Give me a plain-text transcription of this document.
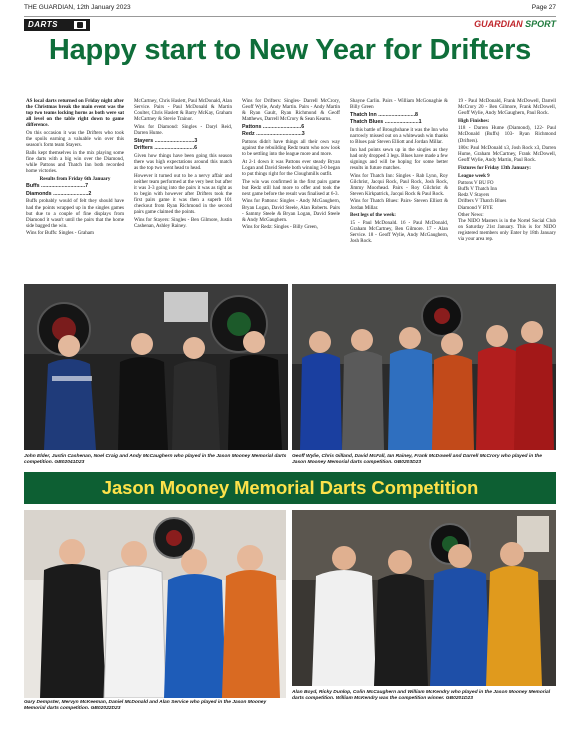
THE GUARDIAN, 12th January 2023	Page 27
DARTS	GUARDIAN SPORT
Happy start to New Year for Drifters

AS local darts returned on Friday night after the Christmas break the main event was the top two teams locking horns as both were sat all level on the table right down to game difference.

On this occasion it was the Drifters who took the spoils earning a valuable win over this season's form team Stayers.

Balls kept themselves in the mix playing some fine darts with a big win over the Diamond, while Pattons and Thatch Inn both recorded home victories.

Results from Friday 6th January

Buffs ..............................7

Diamonds ........................2

Buffs probably would of felt they should have had the points wrapped up in the singles games but due to a couple of fine displays from Diamond it wasn't until the pairs that the home side bagged the win.

Wins for Buffs: Singles - Graham

McCartney, Chris Haslett, Paul McDonald, Alan Service. Pairs - Paul McDonald & Martin Coulter, Chris Haslett & Barry McKay, Graham McCartney & Stevie Trainor.

Wins for Diamond: Singles - Daryl Reid, Darren Hume.

Stayers ...........................3

Drifters ...........................6

Given how things have been going this season there was high expectations around this match as the top two went head to head.

However it turned out to be a nervy affair and neither team performed at the very best but after it was 3-3 going into the pairs it was as tight as to begin with however after Drifters took the first pairs game it was then a superb 101 checkout from Ryan Richmond in the second pairs game claimed the points.

Wins for Stayers: Singles - Ben Gilmore, Justin Cashenan, Ashley Rainey.

Wins for Drifters: Singles- Darrell McCrory, Geoff Wylie, Andy Martin. Pairs - Andy Martin & Ryan Gault, Ryan Richmond & Geoff Matthews, Darrell McCrory & Sean Kearns.

Pattons ..........................6

Redz ...............................3

Pattons didn't have things all their own way against the rebuilding Redz team who now look to be settling into the league more and more.

At 2-1 down it was Pattons ever steady Bryan Logan and David Steele both winning 3-0 began to put things right for the Cloughmills outfit.

The win was confirmed in the first pairs game but Redz still had more to offer and took the next game before the result was finalised at 6-3.

Wins for Pattons: Singles - Andy McGaughern, Bryan Logan, David Steele, Alan Roberts. Pairs - Sammy Steele & Bryan Logan, David Steele & Andy McGaughern.

Wins for Redz: Singles - Billy Green,

Shayne Carlin. Pairs - William McGonaghie & Billy Green

Thatch Inn .........................8

Thatch Blues .......................1

In this battle of Broughshane it was the Inn who narrowly missed out on a whitewash win thanks to Blues pair Steven Elliott and Jordan Millar.

Inn had points sewn up in the singles as they had only dropped 3 legs. Blues have made a few signings and will be hoping for some better results in future matches.

Wins for Thatch Inn: Singles - Rab Lynn, Roy Gilchrist, Jacqui Rock, Paul Rock, Josh Rock, Jimmy Moorhead. Pairs - Roy Gilchrist & Steven Kirkpatrick, Jacqui Rock & Paul Rock.

Wins for Thatch Blues: Pairs- Steven Elliott & Jordan Millar.

Best legs of the week:

15 - Paul McDonald. 16 - Paul McDonald, Graham McCartney, Ben Gilmore. 17 - Alan Service. 18 - Geoff Wylie, Andy McGaughern, Josh Rock.

19 - Paul McDonald, Frank McDowell, Darrell McCrory 20 - Ben Gilmore, Frank McDowell, Geoff Wylie, Andy McGaughern, Paul Rock.

High Finishes:

118 - Darren Hume (Diamond), 122- Paul McDonald (Buffs) 103- Ryan Richmond (Drifters).

180s: Paul McDonald x3, Josh Rock x3, Darren Hume, Graham McCartney, Frank McDowell, Geoff Wylie, Andy Martin, Paul Rock.

Fixtures for Friday 13th January:

League week 9

Pattons V BU FO

Buffs V Thatch Inn

Redz V Stayers

Drifters V Thatch Blues

Diamond V BYE

Other News:

The NIDO Masters is in the Nortel Social Club on Saturday 21st January. This is for NIDO registered members only Enter by 18th January via your area rep.

John Elder, Justin Cashenan, Noel Craig and Andy McCaughern who played in the Jason Mooney Memorial darts competition. GB02041D23
Geoff Wylie, Chris Gilland, David McFall, Ian Rainey, Frank McDowell and Darrell McCrory who played in the Jason Mooney Memorial darts competition. GB0203D23
Jason Mooney Memorial Darts Competition
Gary Dempster, Mervyn McKeeman, Daniel McDonald and Alan Service who played in the Jason Mooney Memorial darts competition. GB02022D23
Alan Boyd, Ricky Dunlop, Colin McCaughern and William McKendry who played in the Jason Mooney Memorial darts competition. William McKendry was the competition winner. GB0201D23
